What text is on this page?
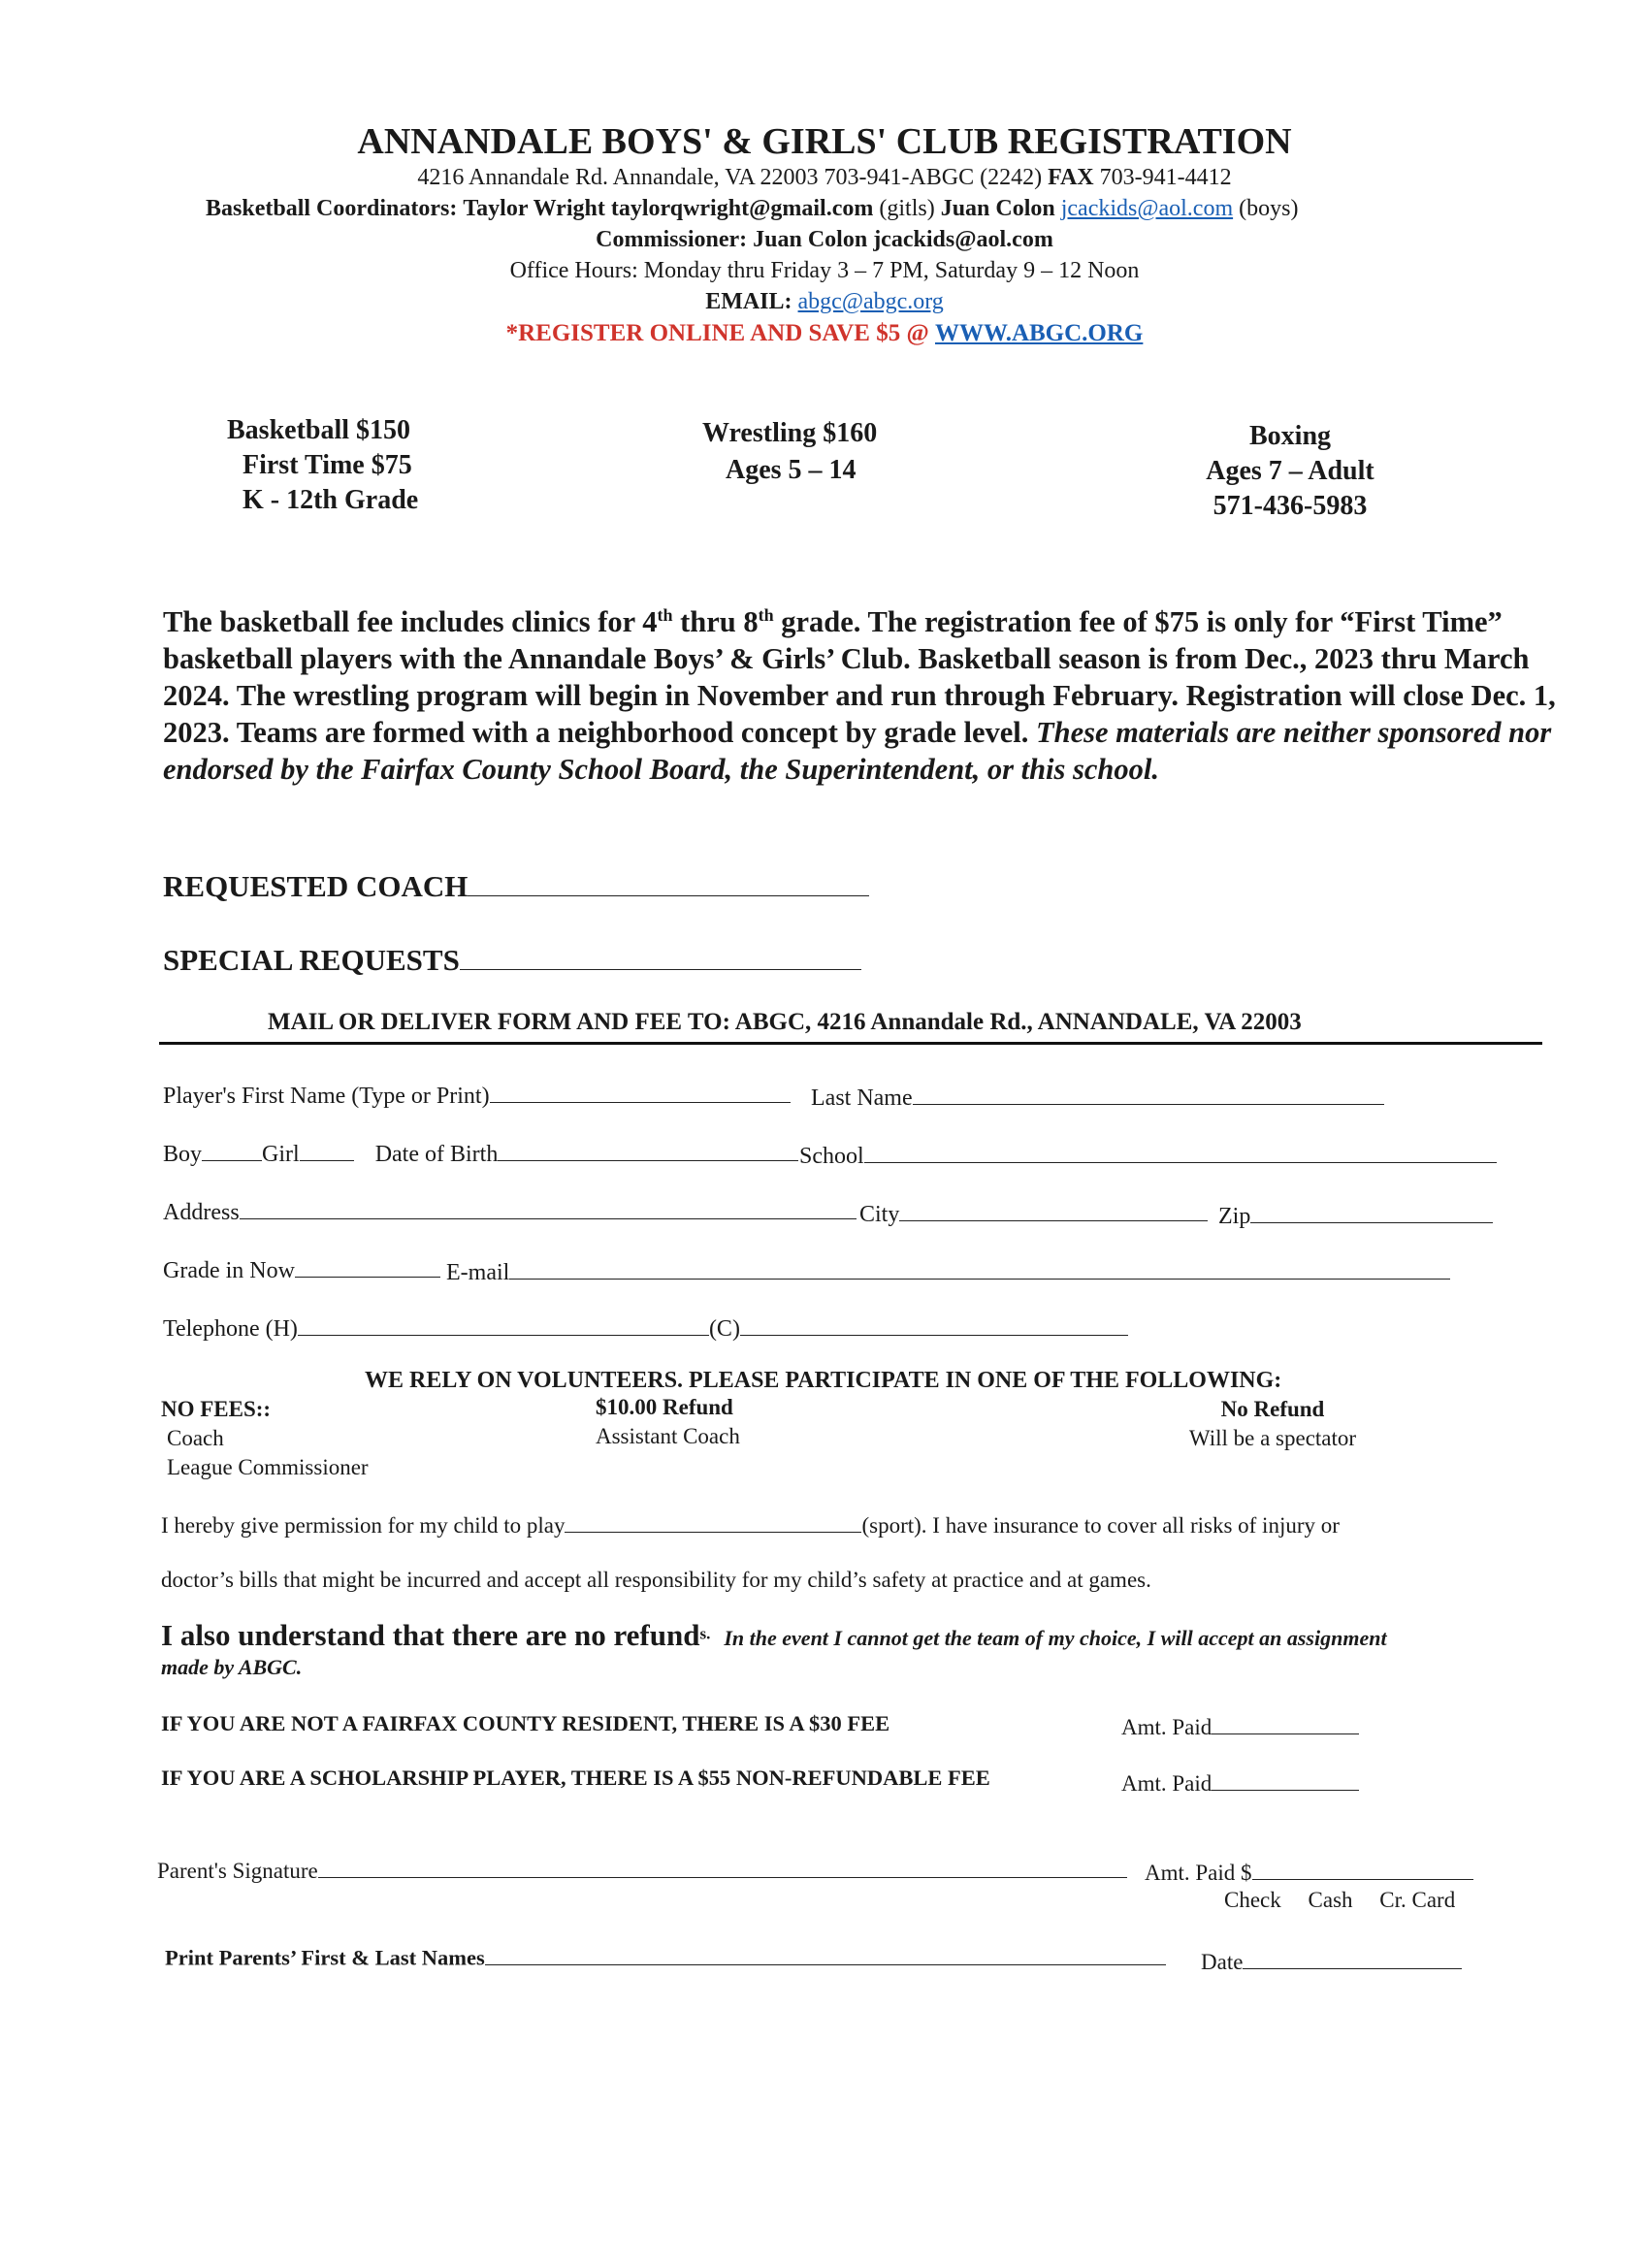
ANNANDALE BOYS' & GIRLS' CLUB REGISTRATION
4216 Annandale Rd. Annandale, VA 22003 703-941-ABGC (2242) FAX 703-941-4412
Basketball Coordinators: Taylor Wright taylorqwright@gmail.com (gitls) Juan Colon jcackids@aol.com (boys)
Commissioner: Juan Colon jcackids@aol.com
Office Hours: Monday thru Friday 3 – 7 PM, Saturday 9 – 12 Noon
EMAIL: abgc@abgc.org
*REGISTER ONLINE AND SAVE $5 @ WWW.ABGC.ORG
Basketball $150
First Time $75
K - 12th Grade
Wrestling $160
Ages 5 – 14
Boxing
Ages 7 – Adult
571-436-5983
The basketball fee includes clinics for 4th thru 8th grade. The registration fee of $75 is only for “First Time” basketball players with the Annandale Boys’ & Girls’ Club. Basketball season is from Dec., 2023 thru March 2024. The wrestling program will begin in November and run through February. Registration will close Dec. 1, 2023. Teams are formed with a neighborhood concept by grade level. These materials are neither sponsored nor endorsed by the Fairfax County School Board, the Superintendent, or this school.
REQUESTED COACH
SPECIAL REQUESTS
MAIL OR DELIVER FORM AND FEE TO: ABGC, 4216 Annandale Rd., ANNANDALE, VA 22003
Player's First Name (Type or Print)	Last Name
Boy	Girl	Date of Birth	School
Address	City	Zip
Grade in Now	E-mail
Telephone (H)	(C)
WE RELY ON VOLUNTEERS. PLEASE PARTICIPATE IN ONE OF THE FOLLOWING:
NO FEES::
Coach
League Commissioner
$10.00 Refund
Assistant Coach
No Refund
Will be a spectator
I hereby give permission for my child to play	(sport). I have insurance to cover all risks of injury or
doctor’s bills that might be incurred and accept all responsibility for my child’s safety at practice and at games.
I also understand that there are no refunds. In the event I cannot get the team of my choice, I will accept an assignment
made by ABGC.
IF YOU ARE NOT A FAIRFAX COUNTY RESIDENT, THERE IS A $30 FEE	Amt. Paid
IF YOU ARE A SCHOLARSHIP PLAYER, THERE IS A $55 NON-REFUNDABLE FEE	Amt. Paid
Parent's Signature	Amt. Paid $
Check Cash Cr. Card
Print Parents’ First & Last Names	Date
